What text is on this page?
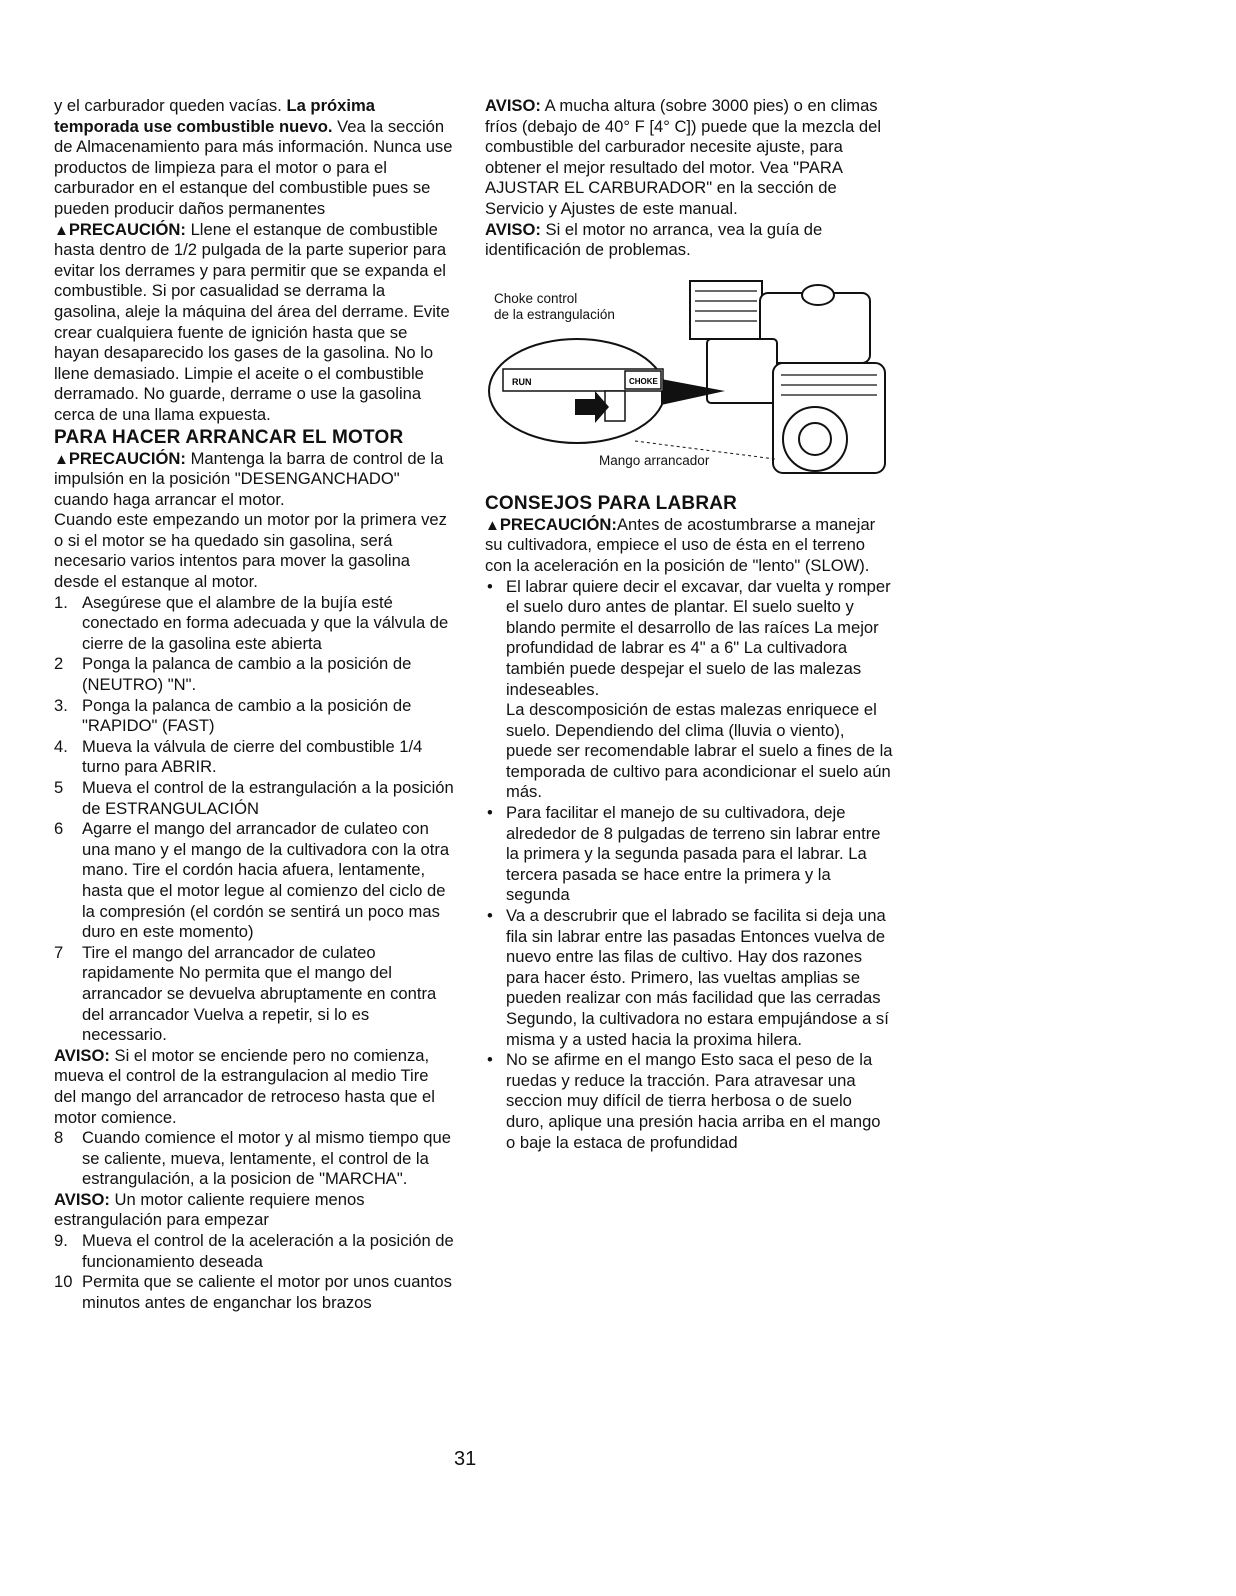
y el carburador queden vacías. La próxima temporada use combustible nuevo. Vea la sección de Almacenamiento para más información. Nunca use productos de limpieza para el motor o para el carburador en el estanque del combustible pues se pueden producir daños permanentes

▲PRECAUCIÓN: Llene el estanque de combustible hasta dentro de 1/2 pulgada de la parte superior para evitar los derrames y para permitir que se expanda el combustible. Si por casualidad se derrama la gasolina, aleje la máquina del área del derrame. Evite crear cualquiera fuente de ignición hasta que se hayan desaparecido los gases de la gasolina. No lo llene demasiado. Limpie el aceite o el combustible derramado. No guarde, derrame o use la gasolina cerca de una llama expuesta.

PARA HACER ARRANCAR EL MOTOR

▲PRECAUCIÓN: Mantenga la barra de control de la impulsión en la posición "DESENGANCHADO" cuando haga arrancar el motor.

Cuando este empezando un motor por la primera vez o si el motor se ha quedado sin gasolina, será necesario varios intentos para mover la gasolina desde el estanque al motor.

1. Asegúrese que el alambre de la bujía esté conectado en forma adecuada y que la válvula de cierre de la gasolina este abierta
2 Ponga la palanca de cambio a la posición de (NEUTRO) "N".
3. Ponga la palanca de cambio a la posición de "RAPIDO" (FAST)
4. Mueva la válvula de cierre del combustible 1/4 turno para ABRIR.
5 Mueva el control de la estrangulación a la posición de ESTRANGULACIÓN
6 Agarre el mango del arrancador de culateo con una mano y el mango de la cultivadora con la otra mano. Tire el cordón hacia afuera, lentamente, hasta que el motor legue al comienzo del ciclo de la compresión (el cordón se sentirá un poco mas duro en este momento)
7 Tire el mango del arrancador de culateo rapidamente No permita que el mango del arrancador se devuelva abruptamente en contra del arrancador Vuelva a repetir, si lo es necessario.

AVISO: Si el motor se enciende pero no comienza, mueva el control de la estrangulacion al medio Tire del mango del arrancador de retroceso hasta que el motor comience.

8 Cuando comience el motor y al mismo tiempo que se caliente, mueva, lentamente, el control de la estrangulación, a la posicion de "MARCHA".

AVISO: Un motor caliente requiere menos estrangulación para empezar

9. Mueva el control de la aceleración a la posición de funcionamiento deseada
10 Permita que se caliente el motor por unos cuantos minutos antes de enganchar los brazos

AVISO: A mucha altura (sobre 3000 pies) o en climas fríos (debajo de 40° F [4° C]) puede que la mezcla del combustible del carburador necesite ajuste, para obtener el mejor resultado del motor. Vea "PARA AJUSTAR EL CARBURADOR" en la sección de Servicio y Ajustes de este manual.

AVISO: Si el motor no arranca, vea la guía de identificación de problemas.

RUN	CHOKE
Choke control
de la estrangulación
Mango arrancador
CONSEJOS PARA LABRAR

▲PRECAUCIÓN:Antes de acostumbrarse a manejar su cultivadora, empiece el uso de ésta en el terreno con la aceleración en la posición de "lento" (SLOW).

• El labrar quiere decir el excavar, dar vuelta y romper el suelo duro antes de plantar. El suelo suelto y blando permite el desarrollo de las raíces La mejor profundidad de labrar es 4" a 6" La cultivadora también puede despejar el suelo de las malezas indeseables.
La descomposición de estas malezas enriquece el suelo. Dependiendo del clima (lluvia o viento), puede ser recomendable labrar el suelo a fines de la temporada de cultivo para acondicionar el suelo aún más.
• Para facilitar el manejo de su cultivadora, deje alrededor de 8 pulgadas de terreno sin labrar entre la primera y la segunda pasada para el labrar. La tercera pasada se hace entre la primera y la segunda
• Va a descrubrir que el labrado se facilita si deja una fila sin labrar entre las pasadas Entonces vuelva de nuevo entre las filas de cultivo. Hay dos razones para hacer ésto. Primero, las vueltas amplias se pueden realizar con más facilidad que las cerradas Segundo, la cultivadora no estara empujándose a sí misma y a usted hacia la proxima hilera.
• No se afirme en el mango Esto saca el peso de la ruedas y reduce la tracción. Para atravesar una seccion muy difícil de tierra herbosa o de suelo duro, aplique una presión hacia arriba en el mango o baje la estaca de profundidad
31
